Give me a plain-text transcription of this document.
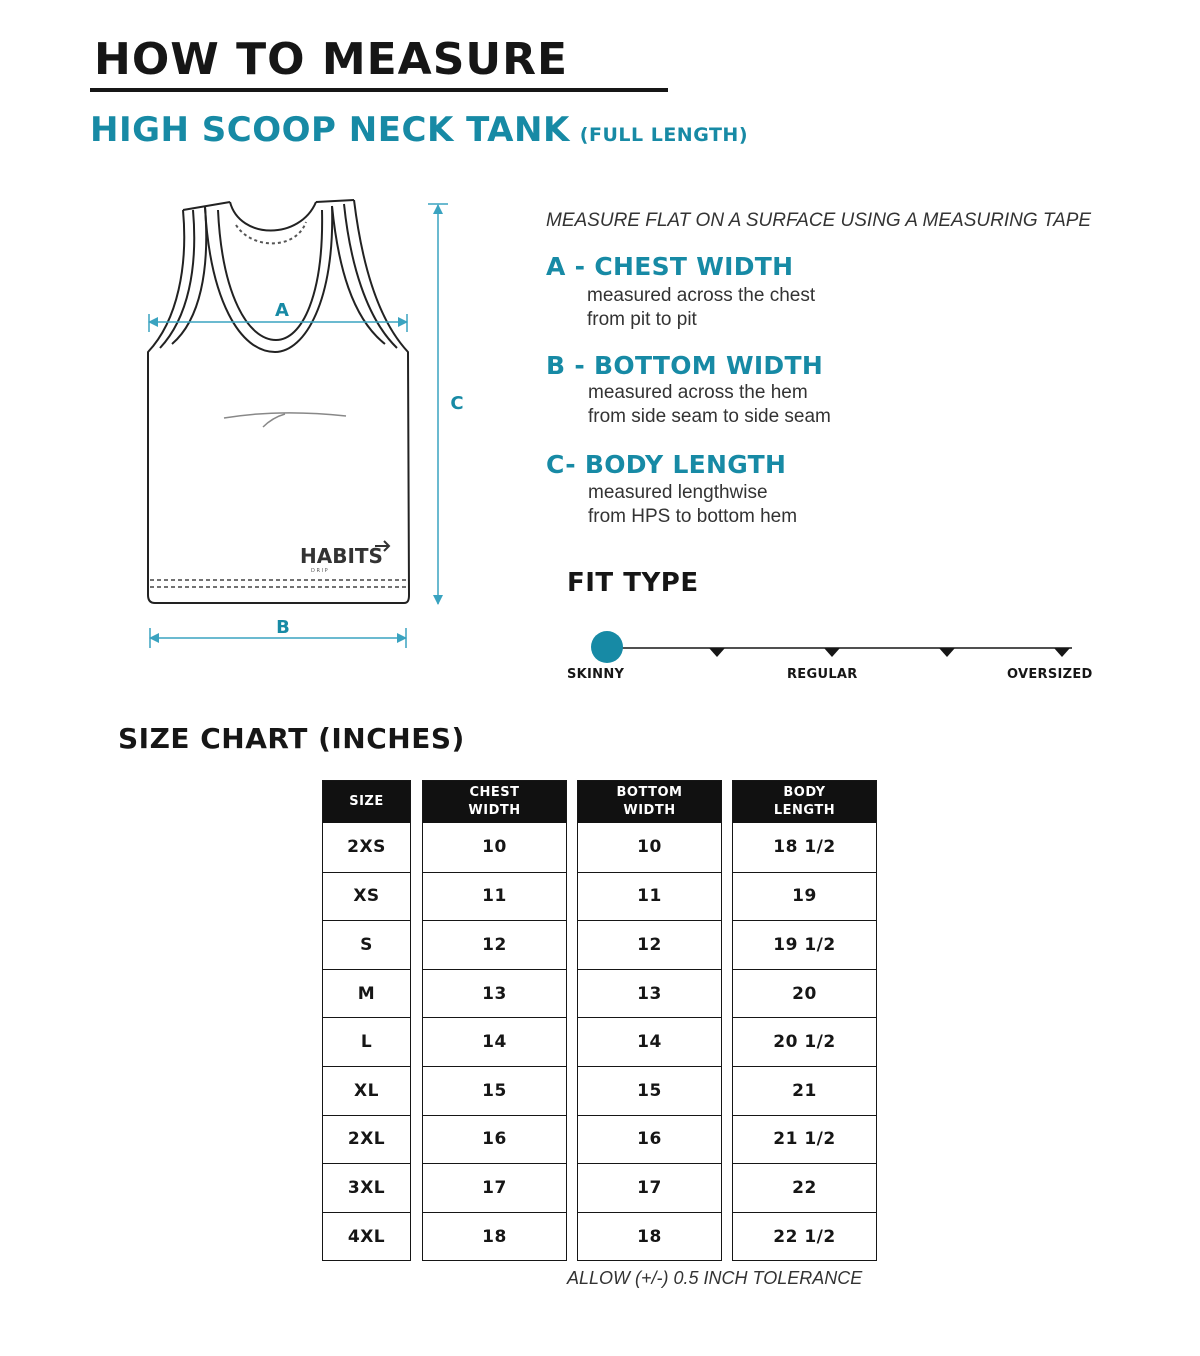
HOW TO MEASURE
HIGH SCOOP NECK TANK (FULL LENGTH)
A
B
C
HABITS
D R I P
MEASURE FLAT ON A SURFACE USING A MEASURING TAPE
A - CHEST WIDTH
measured across the chest
from pit to pit
B - BOTTOM WIDTH
measured across the hem
from side seam to side seam
C- BODY LENGTH
measured lengthwise
from HPS to bottom hem
FIT TYPE
SKINNY	REGULAR	OVERSIZED
SIZE CHART (INCHES)
SIZE
2XS
XS
S
M
L
XL
2XL
3XL
4XL
CHEST
WIDTH
10
11
12
13
14
15
16
17
18
BOTTOM
WIDTH
10
11
12
13
14
15
16
17
18
BODY
LENGTH
18 1/2
19
19 1/2
20
20 1/2
21
21 1/2
22
22 1/2
ALLOW (+/-) 0.5 INCH TOLERANCE
